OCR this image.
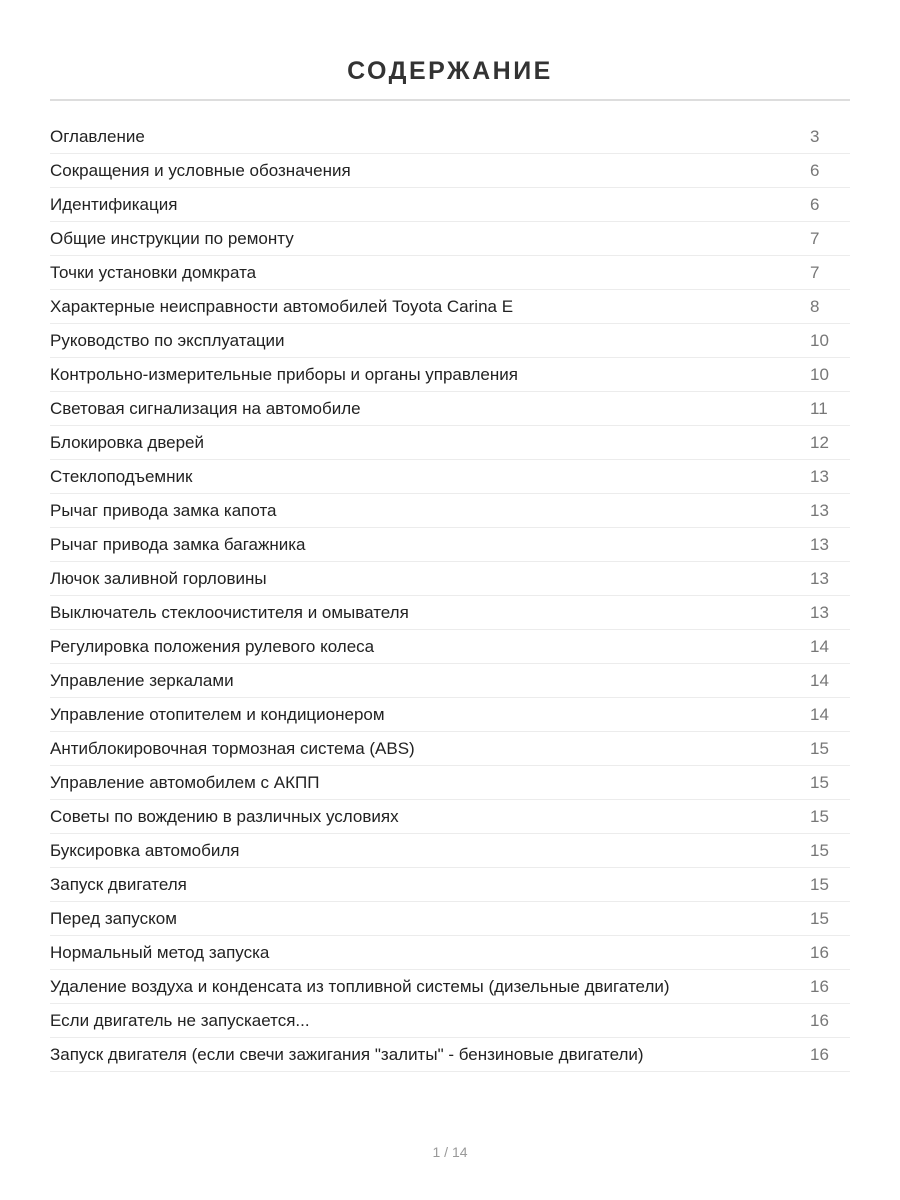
СОДЕРЖАНИЕ
Оглавление	3
Сокращения и условные обозначения	6
Идентификация	6
Общие инструкции по ремонту	7
Точки установки домкрата	7
Характерные неисправности автомобилей Toyota Carina E	8
Руководство по эксплуатации	10
Контрольно-измерительные приборы и органы управления	10
Световая сигнализация на автомобиле	11
Блокировка дверей	12
Стеклоподъемник	13
Рычаг привода замка капота	13
Рычаг привода замка багажника	13
Лючок заливной горловины	13
Выключатель стеклоочистителя и омывателя	13
Регулировка положения рулевого колеса	14
Управление зеркалами	14
Управление отопителем и кондиционером	14
Антиблокировочная тормозная система (ABS)	15
Управление автомобилем с АКПП	15
Советы по вождению в различных условиях	15
Буксировка автомобиля	15
Запуск двигателя	15
Перед запуском	15
Нормальный метод запуска	16
Удаление воздуха и конденсата из топливной системы (дизельные двигатели)	16
Если двигатель не запускается...	16
Запуск двигателя (если свечи зажигания "залиты" - бензиновые двигатели)	16
1 / 14
